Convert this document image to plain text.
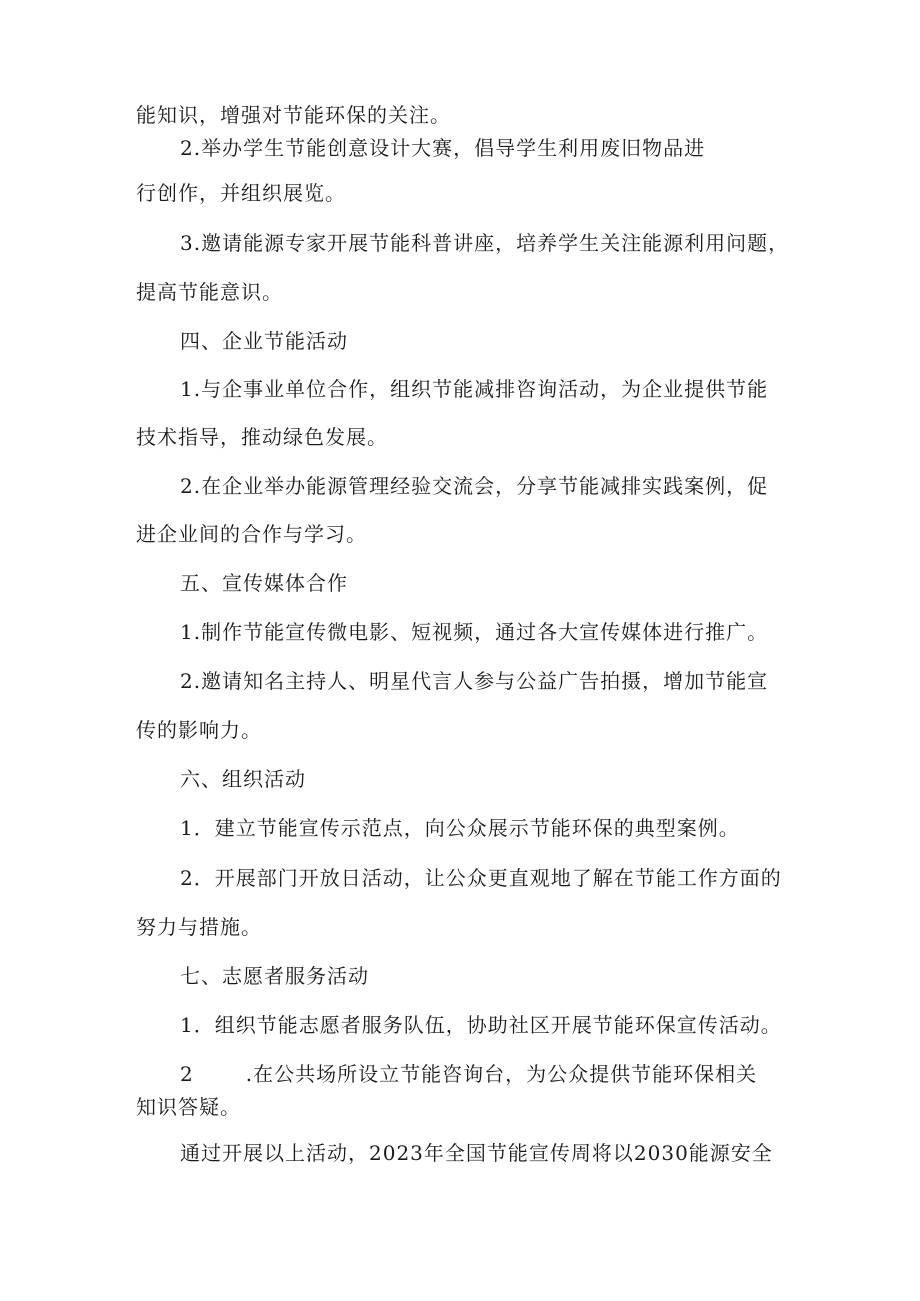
能知识，增强对节能环保的关注。
2.举办学生节能创意设计大赛，倡导学生利用废旧物品进
行创作，并组织展览。
3.邀请能源专家开展节能科普讲座，培养学生关注能源利用问题，
提高节能意识。
四、企业节能活动
1.与企事业单位合作，组织节能减排咨询活动，为企业提供节能
技术指导，推动绿色发展。
2.在企业举办能源管理经验交流会，分享节能减排实践案例，促
进企业间的合作与学习。
五、宣传媒体合作
1.制作节能宣传微电影、短视频，通过各大宣传媒体进行推广。
2.邀请知名主持人、明星代言人参与公益广告拍摄，增加节能宣
传的影响力。
六、组织活动
1．建立节能宣传示范点，向公众展示节能环保的典型案例。
2．开展部门开放日活动，让公众更直观地了解在节能工作方面的
努力与措施。
七、志愿者服务活动
1．组织节能志愿者服务队伍，协助社区开展节能环保宣传活动。
2	.在公共场所设立节能咨询台，为公众提供节能环保相关
知识答疑。
通过开展以上活动，2023年全国节能宣传周将以2030能源安全
